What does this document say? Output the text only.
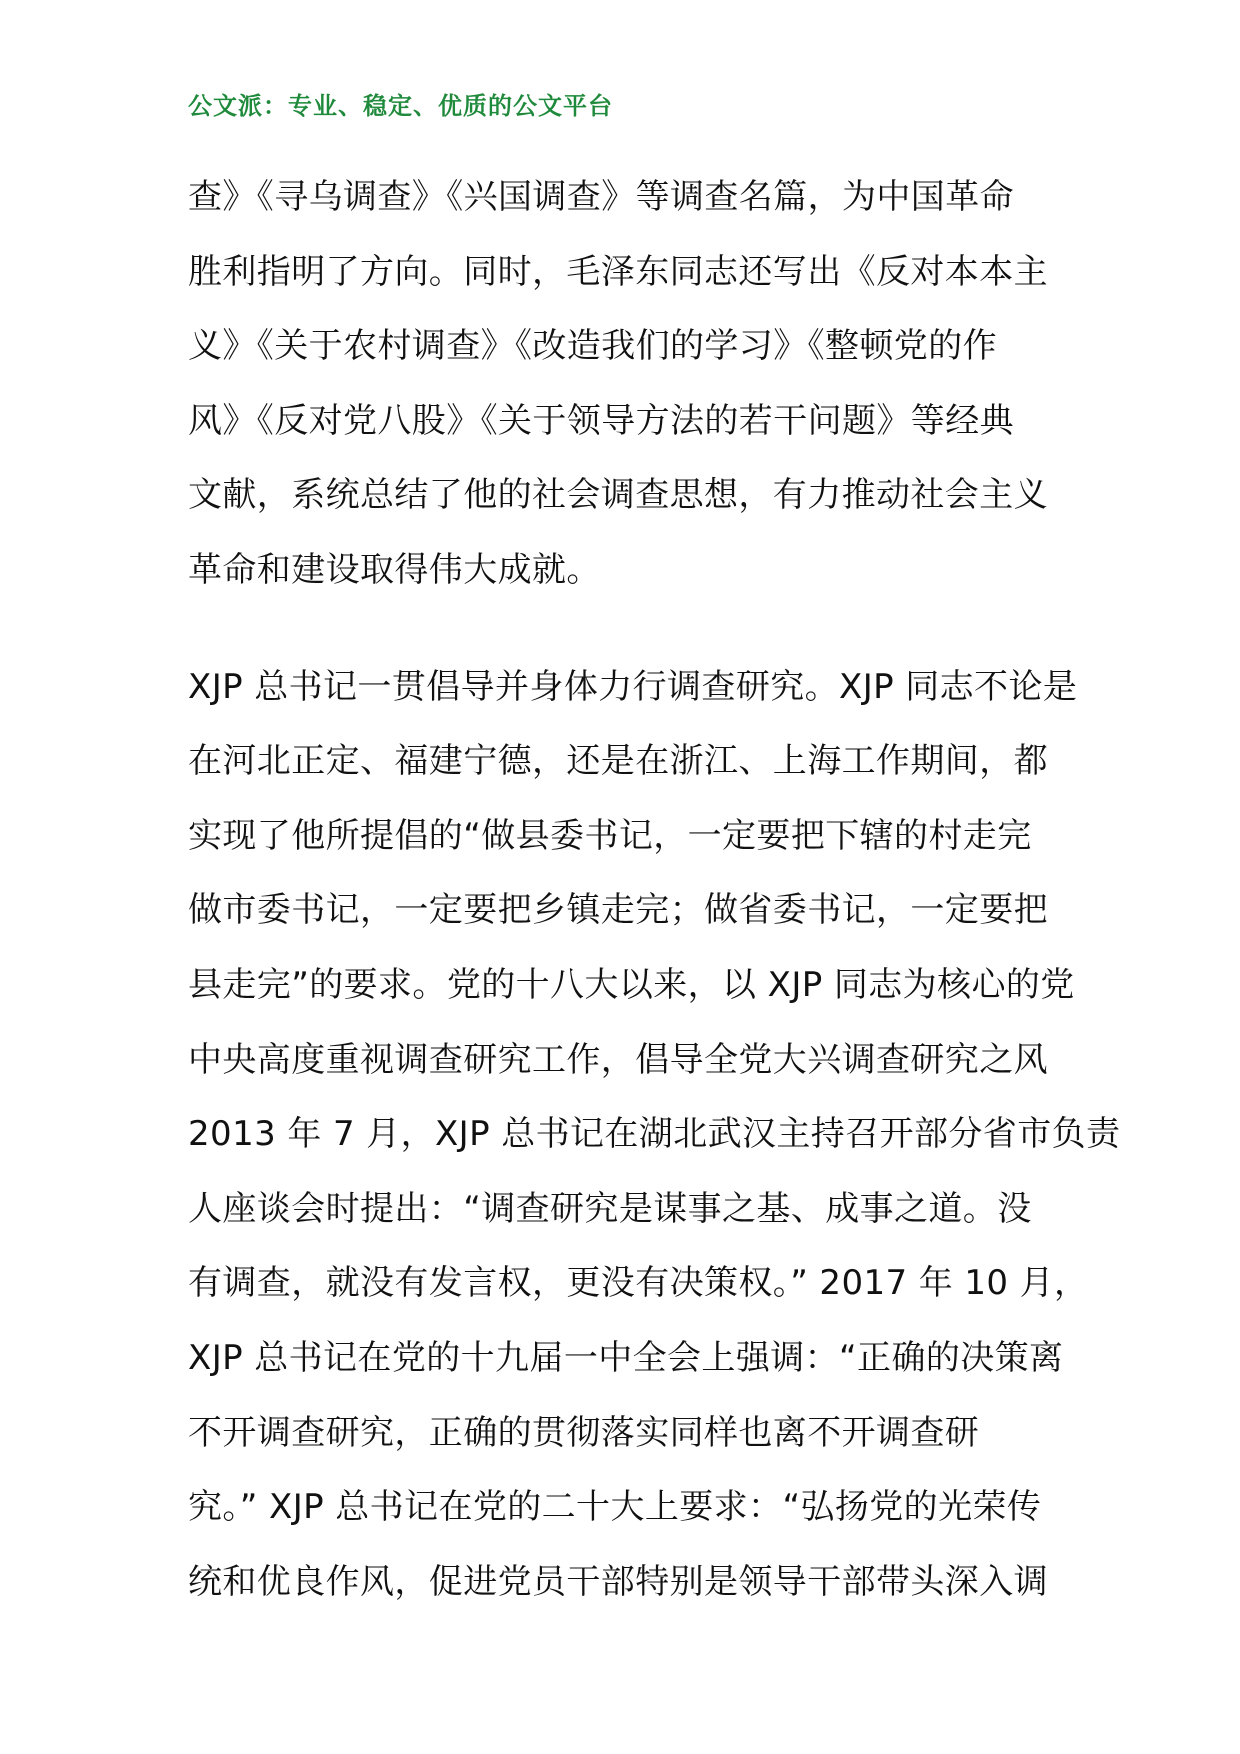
公文派：专业、稳定、优质的公文平台
查》《寻乌调查》《兴国调查》等调查名篇，为中国革命
胜利指明了方向。同时，毛泽东同志还写出《反对本本主
义》《关于农村调查》《改造我们的学习》《整顿党的作
风》《反对党八股》《关于领导方法的若干问题》等经典
文献，系统总结了他的社会调查思想，有力推动社会主义
革命和建设取得伟大成就。
XJP 总书记一贯倡导并身体力行调查研究。XJP 同志不论是
在河北正定、福建宁德，还是在浙江、上海工作期间，都
实现了他所提倡的“做县委书记，一定要把下辖的村走完
做市委书记，一定要把乡镇走完；做省委书记，一定要把
县走完”的要求。党的十八大以来，以 XJP 同志为核心的党
中央高度重视调查研究工作，倡导全党大兴调查研究之风
2013 年 7 月，XJP 总书记在湖北武汉主持召开部分省市负责
人座谈会时提出：“调查研究是谋事之基、成事之道。没
有调查，就没有发言权，更没有决策权。” 2017 年 10 月，
XJP 总书记在党的十九届一中全会上强调：“正确的决策离
不开调查研究，正确的贯彻落实同样也离不开调查研
究。” XJP 总书记在党的二十大上要求：“弘扬党的光荣传
统和优良作风，促进党员干部特别是领导干部带头深入调
